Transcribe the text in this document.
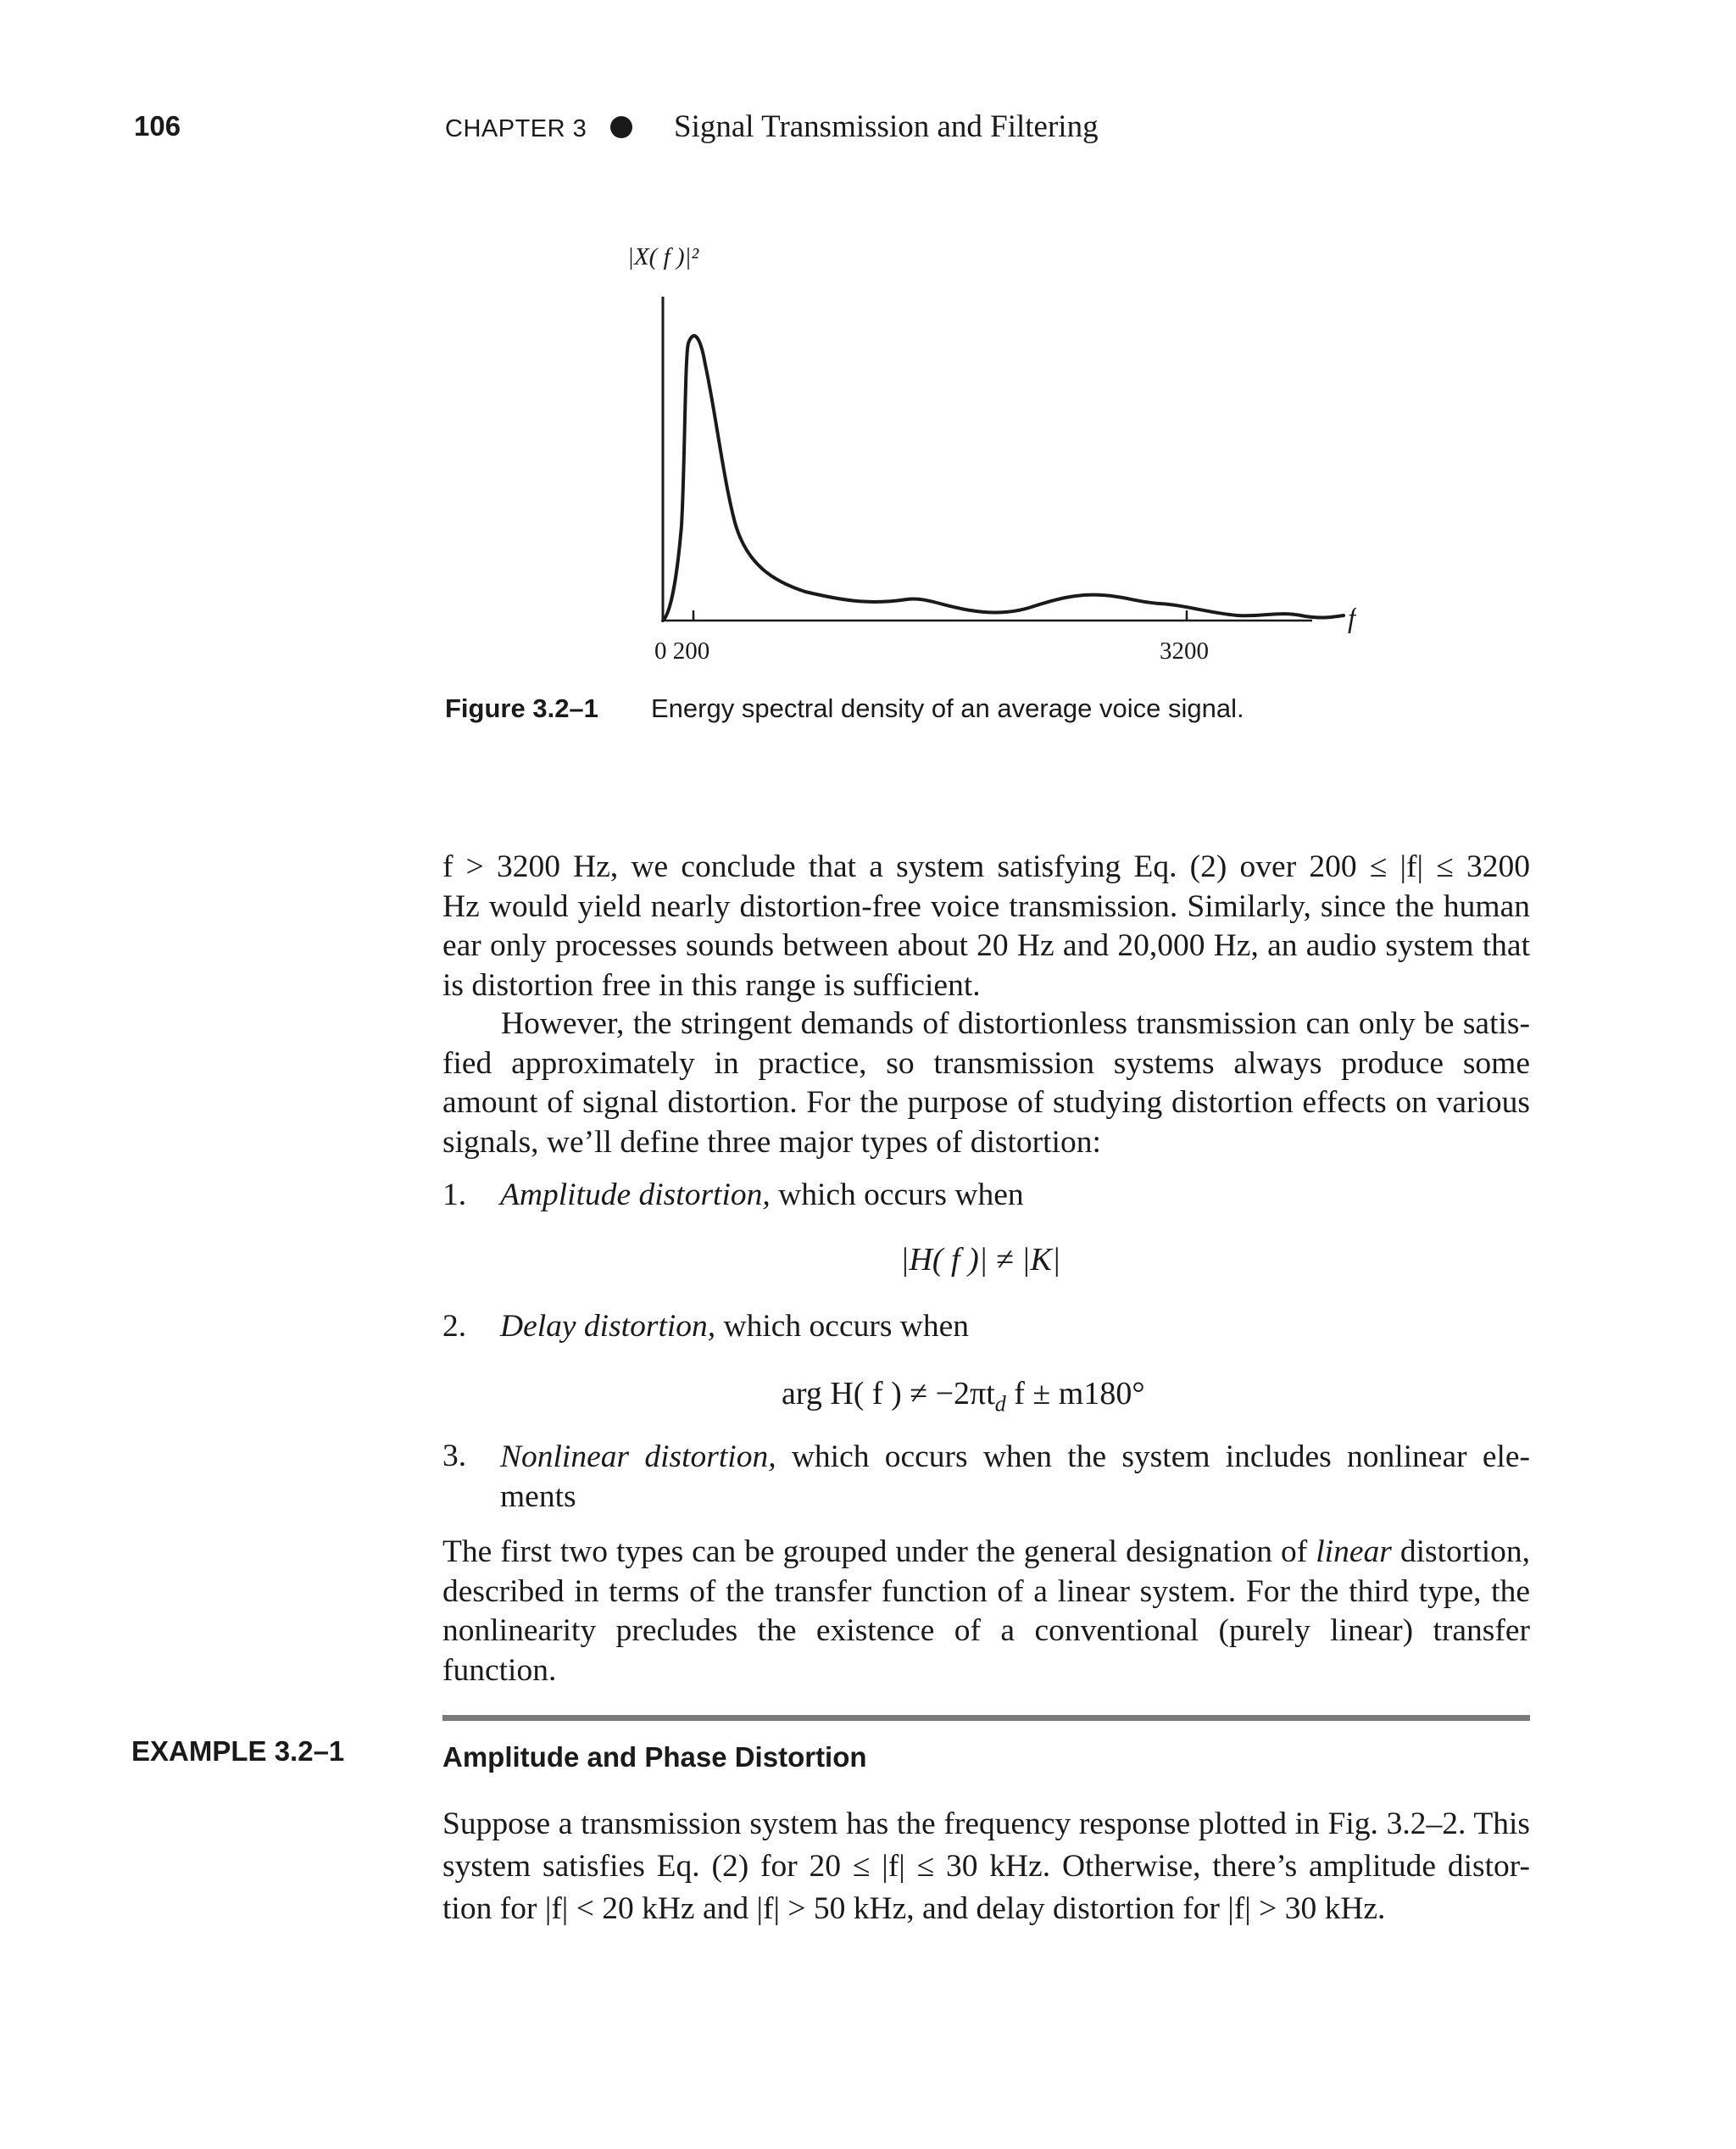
106	CHAPTER 3	Signal Transmission and Filtering
|X( f )|²
f
0 200	3200
Figure 3.2–1 Energy spectral density of an average voice signal.
f > 3200 Hz, we conclude that a system satisfying Eq. (2) over 200 ≤ |f| ≤ 3200
Hz would yield nearly distortion-free voice transmission. Similarly, since the human
ear only processes sounds between about 20 Hz and 20,000 Hz, an audio system that
is distortion free in this range is sufficient.
However, the stringent demands of distortionless transmission can only be satis-
fied approximately in practice, so transmission systems always produce some
amount of signal distortion. For the purpose of studying distortion effects on various
signals, we’ll define three major types of distortion:
1. Amplitude distortion, which occurs when
|H( f )| ≠ |K|
2. Delay distortion, which occurs when
arg H( f ) ≠ $-2\pi t_d$ f ± m180°
3. Nonlinear distortion, which occurs when the system includes nonlinear ele-
ments
The first two types can be grouped under the general designation of linear distortion,
described in terms of the transfer function of a linear system. For the third type, the
nonlinearity precludes the existence of a conventional (purely linear) transfer function.
EXAMPLE 3.2–1	Amplitude and Phase Distortion
Suppose a transmission system has the frequency response plotted in Fig. 3.2–2. This
system satisfies Eq. (2) for 20 ≤ |f| ≤ 30 kHz. Otherwise, there’s amplitude distor-
tion for |f| < 20 kHz and |f| > 50 kHz, and delay distortion for |f| > 30 kHz.
